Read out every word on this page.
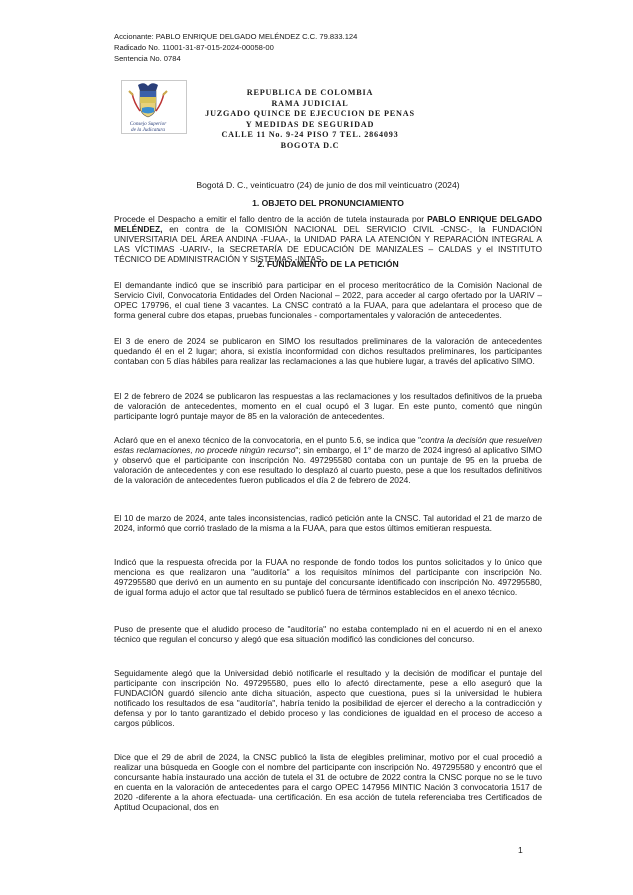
Accionante: PABLO ENRIQUE DELGADO MELÉNDEZ C.C. 79.833.124
Radicado No. 11001-31-87-015-2024-00058-00
Sentencia No. 0784
Consejo Superior
de la Judicatura
REPUBLICA DE COLOMBIA
RAMA JUDICIAL
JUZGADO QUINCE DE EJECUCION DE PENAS
Y MEDIDAS DE SEGURIDAD
CALLE 11 No. 9-24 PISO 7 TEL. 2864093
BOGOTA D.C
Bogotá D. C., veinticuatro (24) de junio de dos mil veinticuatro (2024)
1. OBJETO DEL PRONUNCIAMIENTO
Procede el Despacho a emitir el fallo dentro de la acción de tutela instaurada por PABLO ENRIQUE DELGADO MELÉNDEZ, en contra de la COMISIÓN NACIONAL DEL SERVICIO CIVIL -CNSC-, la FUNDACIÓN UNIVERSITARIA DEL ÁREA ANDINA -FUAA-, la UNIDAD PARA LA ATENCIÓN Y REPARACIÓN INTEGRAL A LAS VÍCTIMAS -UARIV-, la SECRETARÍA DE EDUCACIÓN DE MANIZALES – CALDAS y el INSTITUTO TÉCNICO DE ADMINISTRACIÓN Y SISTEMAS -INTAS-.
2. FUNDAMENTO DE LA PETICIÓN
El demandante indicó que se inscribió para participar en el proceso meritocrático de la Comisión Nacional de Servicio Civil, Convocatoria Entidades del Orden Nacional – 2022, para acceder al cargo ofertado por la UARIV – OPEC 179796, el cual tiene 3 vacantes. La CNSC contrató a la FUAA, para que adelantara el proceso que de forma general cubre dos etapas, pruebas funcionales - comportamentales y valoración de antecedentes.
El 3 de enero de 2024 se publicaron en SIMO los resultados preliminares de la valoración de antecedentes quedando él en el 2 lugar; ahora, si existía inconformidad con dichos resultados preliminares, los participantes contaban con 5 días hábiles para realizar las reclamaciones a las que hubiere lugar, a través del aplicativo SIMO.
El 2 de febrero de 2024 se publicaron las respuestas a las reclamaciones y los resultados definitivos de la prueba de valoración de antecedentes, momento en el cual ocupó el 3 lugar. En este punto, comentó que ningún participante logró puntaje mayor de 85 en la valoración de antecedentes.
Aclaró que en el anexo técnico de la convocatoria, en el punto 5.6, se indica que "contra la decisión que resuelven estas reclamaciones, no procede ningún recurso"; sin embargo, el 1° de marzo de 2024 ingresó al aplicativo SIMO y observó que el participante con inscripción No. 497295580 contaba con un puntaje de 95 en la prueba de valoración de antecedentes y con ese resultado lo desplazó al cuarto puesto, pese a que los resultados definitivos de la valoración de antecedentes fueron publicados el día 2 de febrero de 2024.
El 10 de marzo de 2024, ante tales inconsistencias, radicó petición ante la CNSC. Tal autoridad el 21 de marzo de 2024, informó que corrió traslado de la misma a la FUAA, para que estos últimos emitieran respuesta.
Indicó que la respuesta ofrecida por la FUAA no responde de fondo todos los puntos solicitados y lo único que menciona es que realizaron una "auditoría" a los requisitos mínimos del participante con inscripción No. 497295580 que derivó en un aumento en su puntaje del concursante identificado con inscripción No. 497295580, de igual forma adujo el actor que tal resultado se publicó fuera de términos establecidos en el anexo técnico.
Puso de presente que el aludido proceso de "auditoría" no estaba contemplado ni en el acuerdo ni en el anexo técnico que regulan el concurso y alegó que esa situación modificó las condiciones del concurso.
Seguidamente alegó que la Universidad debió notificarle el resultado y la decisión de modificar el puntaje del participante con inscripción No. 497295580, pues ello lo afectó directamente, pese a ello aseguró que la FUNDACIÓN guardó silencio ante dicha situación, aspecto que cuestiona, pues si la universidad le hubiera notificado los resultados de esa "auditoría", habría tenido la posibilidad de ejercer el derecho a la contradicción y defensa y por lo tanto garantizado el debido proceso y las condiciones de igualdad en el proceso de acceso a cargos públicos.
Dice que el 29 de abril de 2024, la CNSC publicó la lista de elegibles preliminar, motivo por el cual procedió a realizar una búsqueda en Google con el nombre del participante con inscripción No. 497295580 y encontró que el concursante había instaurado una acción de tutela el 31 de octubre de 2022 contra la CNSC porque no se le tuvo en cuenta en la valoración de antecedentes para el cargo OPEC 147956 MINTIC Nación 3 convocatoria 1517 de 2020 -diferente a la ahora efectuada- una certificación. En esa acción de tutela referenciaba tres Certificados de Aptitud Ocupacional, dos en
1
